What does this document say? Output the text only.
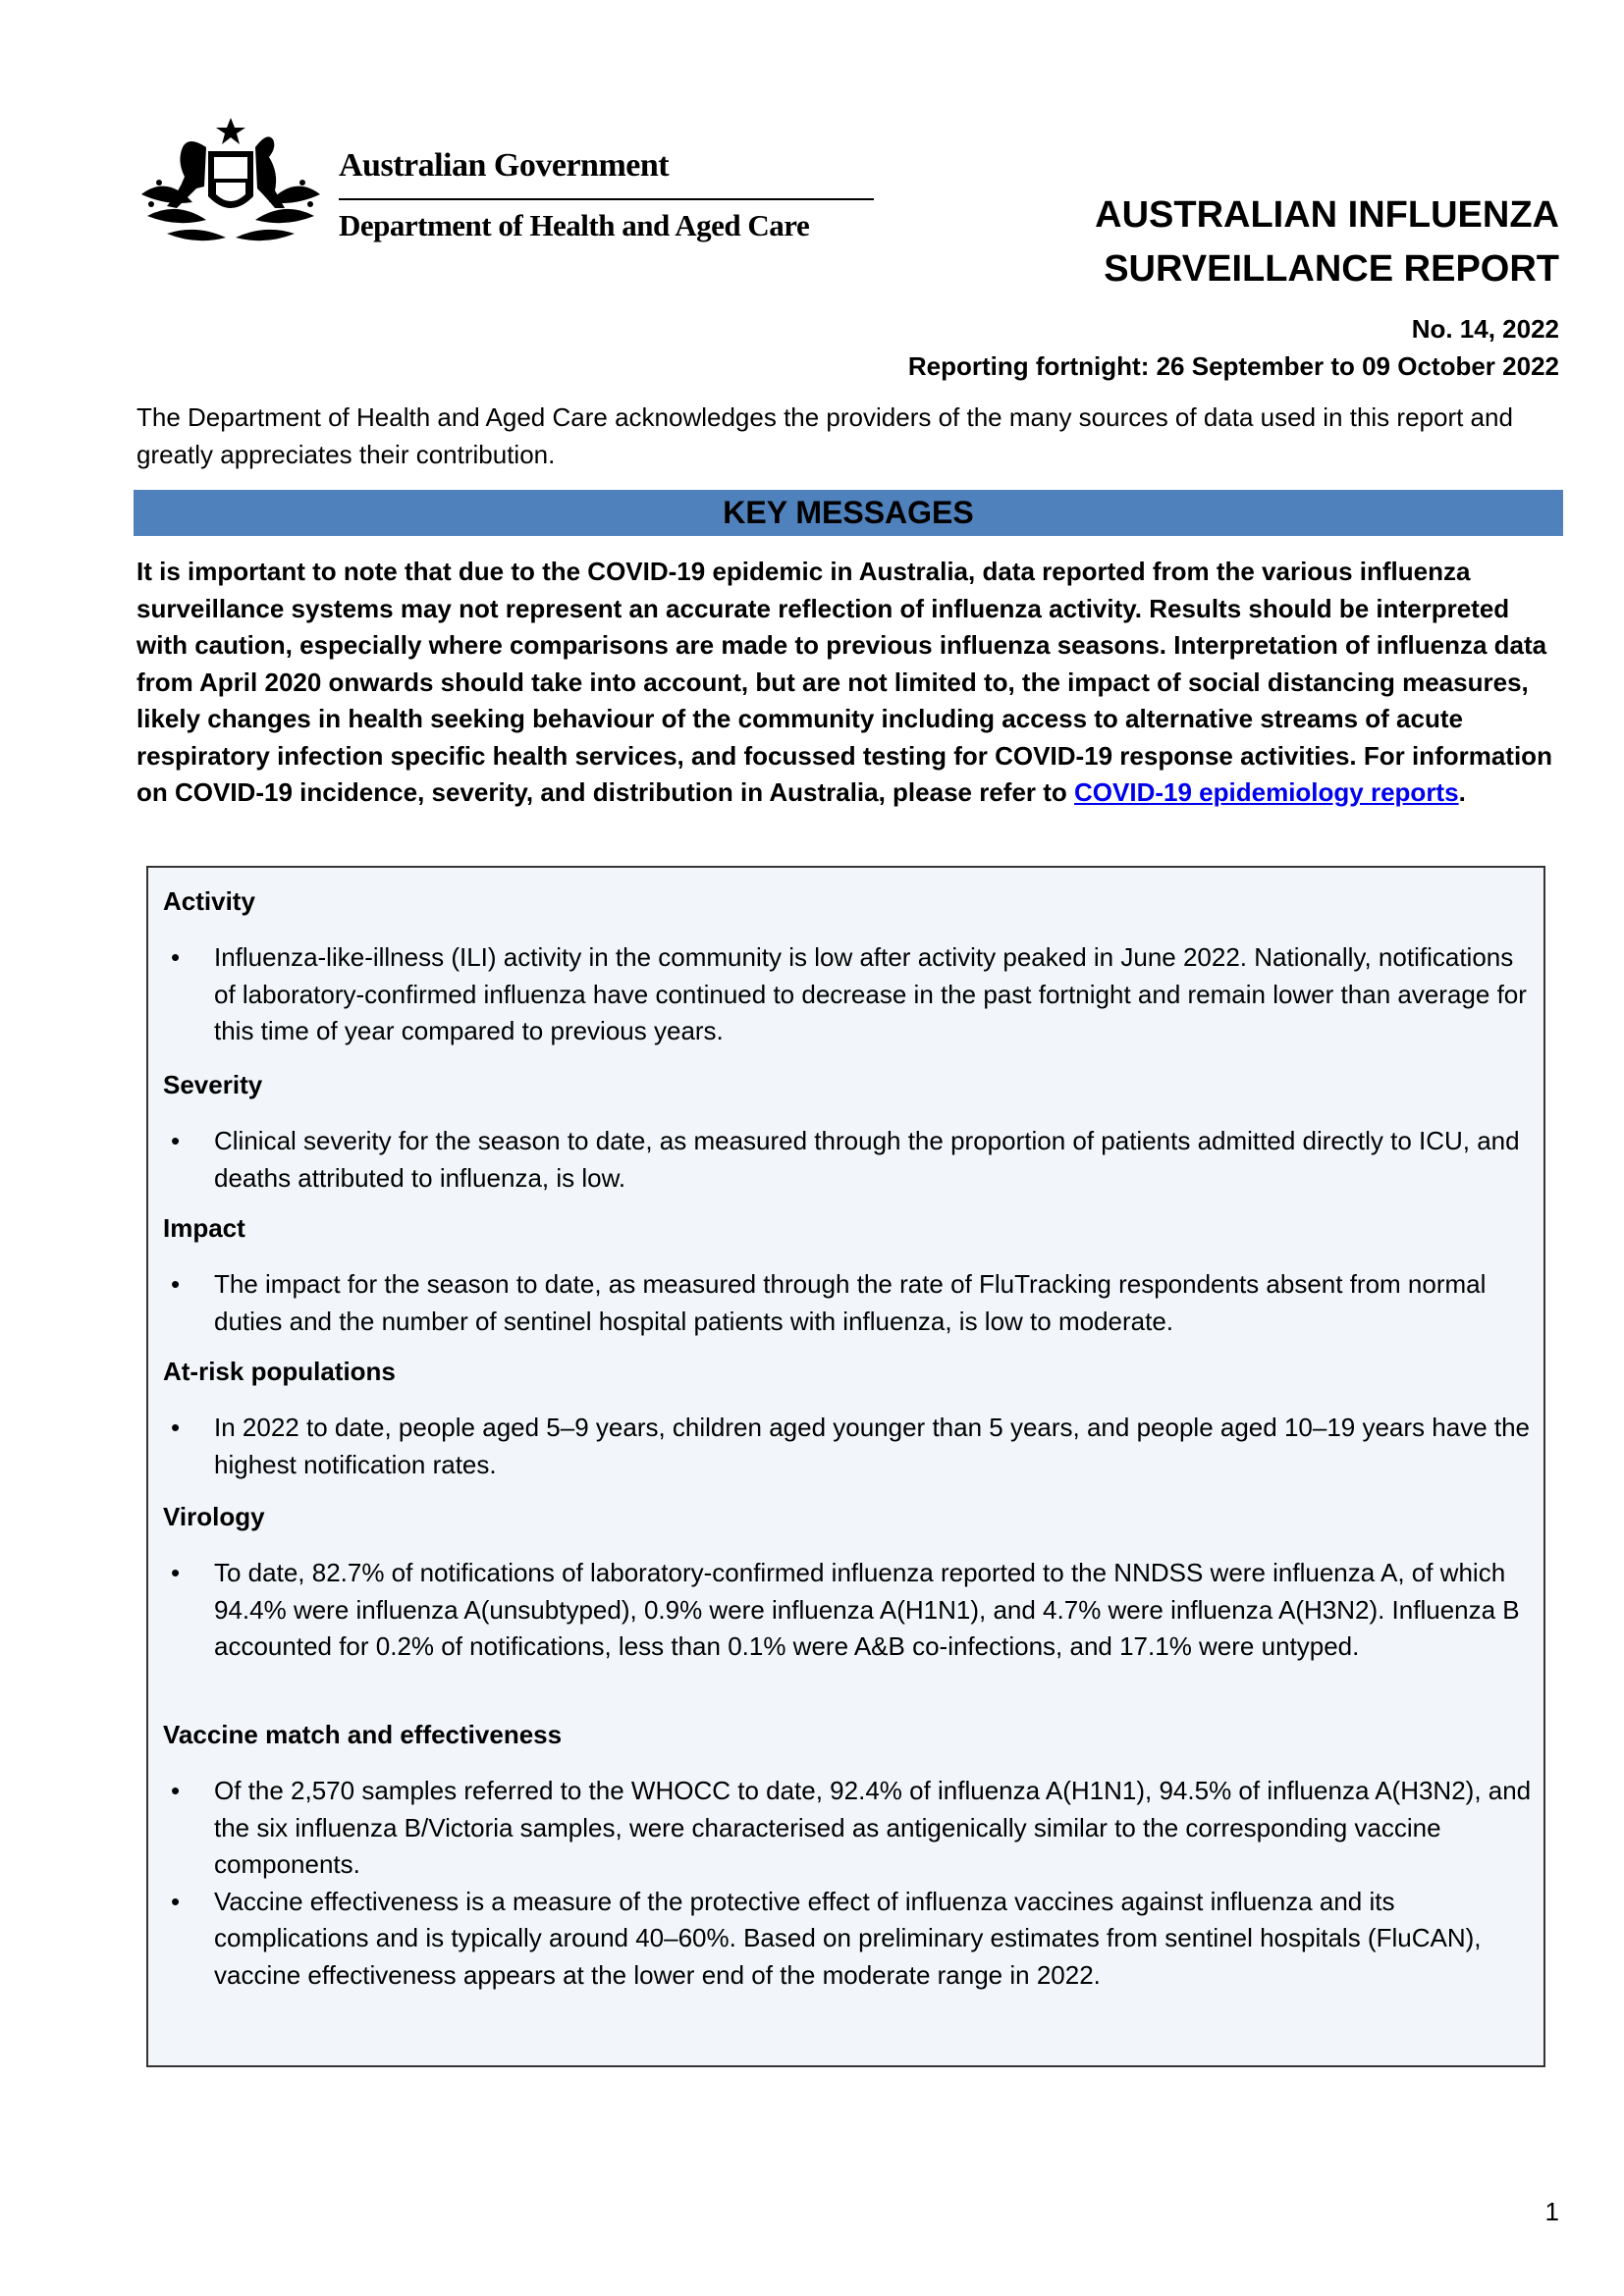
Australian Government
Department of Health and Aged Care	AUSTRALIAN INFLUENZA
SURVEILLANCE REPORT
No. 14, 2022
Reporting fortnight: 26 September to 09 October 2022
The Department of Health and Aged Care acknowledges the providers of the many sources of data used in this report and greatly appreciates their contribution.
KEY MESSAGES
It is important to note that due to the COVID-19 epidemic in Australia, data reported from the various influenza surveillance systems may not represent an accurate reflection of influenza activity. Results should be interpreted with caution, especially where comparisons are made to previous influenza seasons. Interpretation of influenza data from April 2020 onwards should take into account, but are not limited to, the impact of social distancing measures, likely changes in health seeking behaviour of the community including access to alternative streams of acute respiratory infection specific health services, and focussed testing for COVID-19 response activities. For information on COVID-19 incidence, severity, and distribution in Australia, please refer to COVID-19 epidemiology reports.
Activity
• Influenza-like-illness (ILI) activity in the community is low after activity peaked in June 2022. Nationally, notifications of laboratory-confirmed influenza have continued to decrease in the past fortnight and remain lower than average for this time of year compared to previous years.
Severity
• Clinical severity for the season to date, as measured through the proportion of patients admitted directly to ICU, and deaths attributed to influenza, is low.
Impact
• The impact for the season to date, as measured through the rate of FluTracking respondents absent from normal duties and the number of sentinel hospital patients with influenza, is low to moderate.
At-risk populations
• In 2022 to date, people aged 5–9 years, children aged younger than 5 years, and people aged 10–19 years have the highest notification rates.
Virology
• To date, 82.7% of notifications of laboratory-confirmed influenza reported to the NNDSS were influenza A, of which 94.4% were influenza A(unsubtyped), 0.9% were influenza A(H1N1), and 4.7% were influenza A(H3N2). Influenza B accounted for 0.2% of notifications, less than 0.1% were A&B co-infections, and 17.1% were untyped.
Vaccine match and effectiveness
• Of the 2,570 samples referred to the WHOCC to date, 92.4% of influenza A(H1N1), 94.5% of influenza A(H3N2), and the six influenza B/Victoria samples, were characterised as antigenically similar to the corresponding vaccine components.
• Vaccine effectiveness is a measure of the protective effect of influenza vaccines against influenza and its complications and is typically around 40–60%. Based on preliminary estimates from sentinel hospitals (FluCAN), vaccine effectiveness appears at the lower end of the moderate range in 2022.
1
